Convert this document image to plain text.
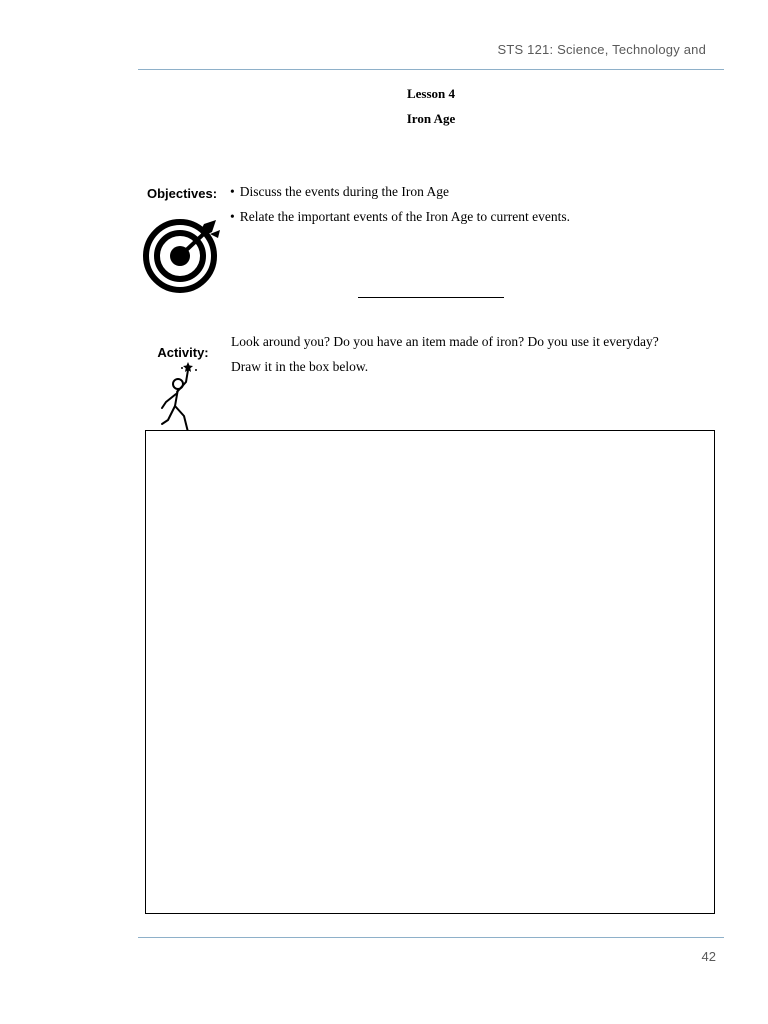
STS 121: Science, Technology and
Lesson 4
Iron Age
Objectives:
•	Discuss the events during the Iron Age
• Relate the important events of the Iron Age to current events.
Activity:
Look around you? Do you have an item made of iron? Do you use it everyday?
Draw it in the box below.
42
